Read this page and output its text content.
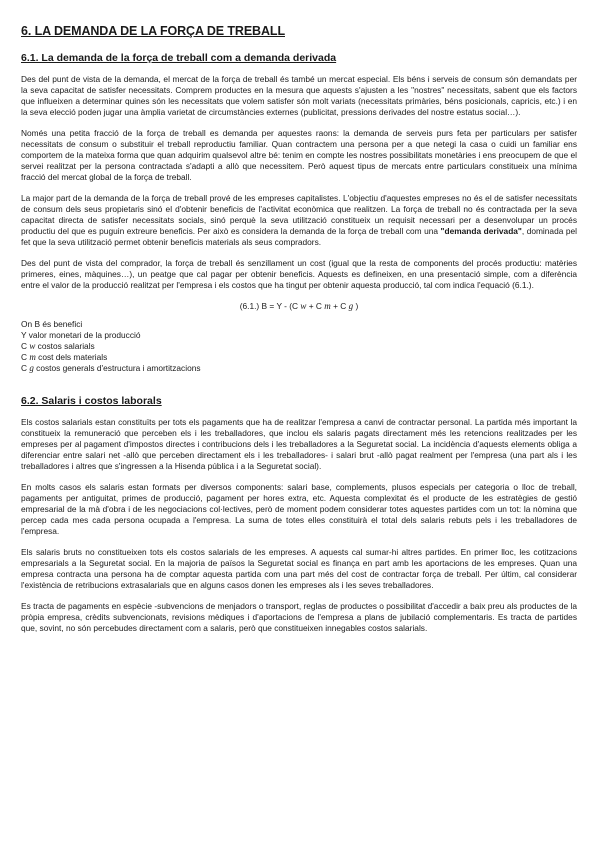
6. LA DEMANDA DE LA FORÇA DE TREBALL
6.1. La demanda de la força de treball com a demanda derivada

Des del punt de vista de la demanda, el mercat de la força de treball és també un mercat especial. Els béns i serveis de consum són demandats per la seva capacitat de satisfer necessitats. Comprem productes en la mesura que aquests s'ajusten a les "nostres" necessitats, sabent que els factors que influeixen a determinar quines són les necessitats que volem satisfer són molt variats (necessitats primàries, béns posicionals, capricis, etc.) i en la seva elecció poden jugar una àmplia varietat de circumstàncies externes (publicitat, pressions derivades del nostre estatus social…).

Només una petita fracció de la força de treball es demanda per aquestes raons: la demanda de serveis purs feta per particulars per satisfer necessitats de consum o substituir el treball reproductiu familiar. Quan contractem una persona per a que netegi la casa o cuidi un familiar ens comportem de la mateixa forma que quan adquirim qualsevol altre bé: tenim en compte les nostres possibilitats monetàries i ens preocupem de que el servei realitzat per la persona contractada s'adapti a allò que necessitem. Però aquest tipus de mercats entre particulars constitueix una mínima fracció del mercat global de la força de treball.

La major part de la demanda de la força de treball prové de les empreses capitalistes. L'objectiu d'aquestes empreses no és el de satisfer necessitats de consum dels seus propietaris sinó el d'obtenir beneficis de l'activitat econòmica que realitzen. La força de treball no és contractada per la seva capacitat directa de satisfer necessitats socials, sinó perquè la seva utilització constitueix un requisit necessari per a desenvolupar un procés productiu del que es puguin extreure beneficis. Per això es considera la demanda de la força de treball com una "demanda derivada", dominada pel fet que la seva utilització permet obtenir beneficis materials als seus compradors.

Des del punt de vista del comprador, la força de treball és senzillament un cost (igual que la resta de components del procés productiu: matèries primeres, eines, màquines…), un peatge que cal pagar per obtenir beneficis. Aquests es defineixen, en una presentació simple, com a diferència entre el valor de la producció realitzat per l'empresa i els costos que ha tingut per obtenir aquesta producció, tal com indica l'equació (6.1.).

(6.1.) B = Y - (C w + C m + C g )

On B és benefici

Y valor monetari de la producció

C w costos salarials

C m cost dels materials

C g costos generals d'estructura i amortitzacions

6.2. Salaris i costos laborals

Els costos salarials estan constituïts per tots els pagaments que ha de realitzar l'empresa a canvi de contractar personal. La partida més important la constitueix la remuneració que perceben els i les treballadores, que inclou els salaris pagats directament més les retencions realitzades per les empreses per al pagament d'impostos directes i contribucions dels i les treballadores a la Seguretat social. La incidència d'aquests elements obliga a diferenciar entre salari net -allò que perceben directament els i les treballadores- i salari brut -allò pagat realment per l'empresa (una part als i les treballadores i altres que s'ingressen a la Hisenda pública i a la Seguretat social).

En molts casos els salaris estan formats per diversos components: salari base, complements, plusos especials per categoria o lloc de treball, pagaments per antiguitat, primes de producció, pagament per hores extra, etc. Aquesta complexitat és el producte de les estratègies de gestió empresarial de la mà d'obra i de les negociacions col·lectives, però de moment podem considerar totes aquestes partides com un tot: la nòmina que percep cada mes cada persona ocupada a l'empresa. La suma de totes elles constituirà el total dels salaris rebuts pels i les treballadores de l'empresa.

Els salaris bruts no constitueixen tots els costos salarials de les empreses. A aquests cal sumar-hi altres partides. En primer lloc, les cotitzacions empresarials a la Seguretat social. En la majoria de països la Seguretat social es finança en part amb les aportacions de les empreses. Quan una empresa contracta una persona ha de comptar aquesta partida com una part més del cost de contractar força de treball. Per últim, cal considerar l'existència de retribucions extrasalarials que en alguns casos donen les empreses als i les seves treballadores.

Es tracta de pagaments en espècie -subvencions de menjadors o transport, reglas de productes o possibilitat d'accedir a baix preu als productes de la pròpia empresa, crèdits subvencionats, revisions mèdiques i d'aportacions de l'empresa a plans de jubilació complementaris. Es tracta de partides que, sovint, no són percebudes directament com a salaris, però que constitueixen innegables costos salarials.
